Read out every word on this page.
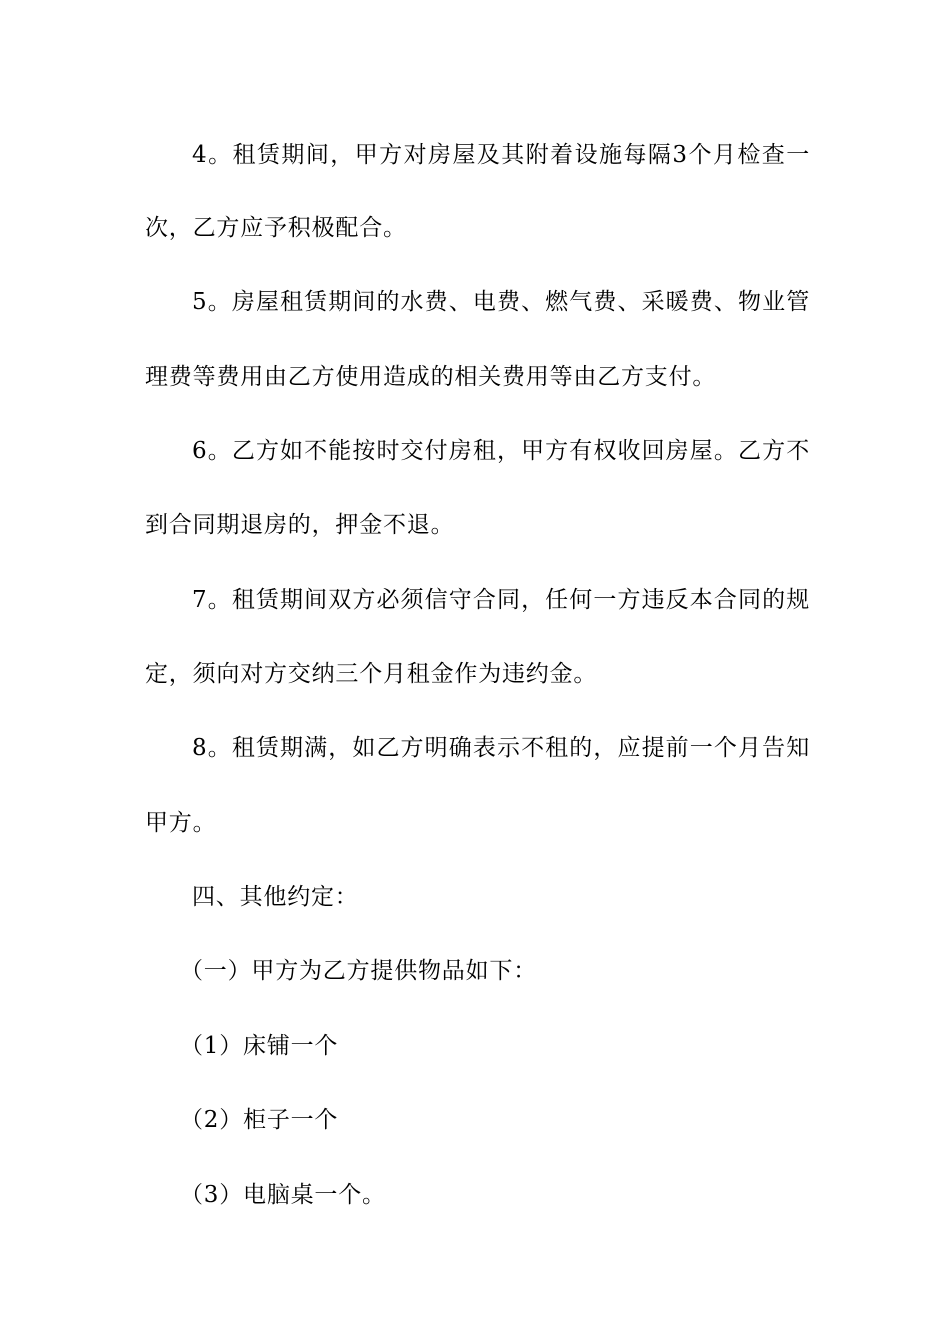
4。租赁期间，甲方对房屋及其附着设施每隔3个月检查一
次，乙方应予积极配合。
5。房屋租赁期间的水费、电费、燃气费、采暖费、物业管
理费等费用由乙方使用造成的相关费用等由乙方支付。
6。乙方如不能按时交付房租，甲方有权收回房屋。乙方不
到合同期退房的，押金不退。
7。租赁期间双方必须信守合同，任何一方违反本合同的规
定，须向对方交纳三个月租金作为违约金。
8。租赁期满，如乙方明确表示不租的，应提前一个月告知
甲方。
四、其他约定：
（一）甲方为乙方提供物品如下：
（1）床铺一个
（2）柜子一个
（3）电脑桌一个。
